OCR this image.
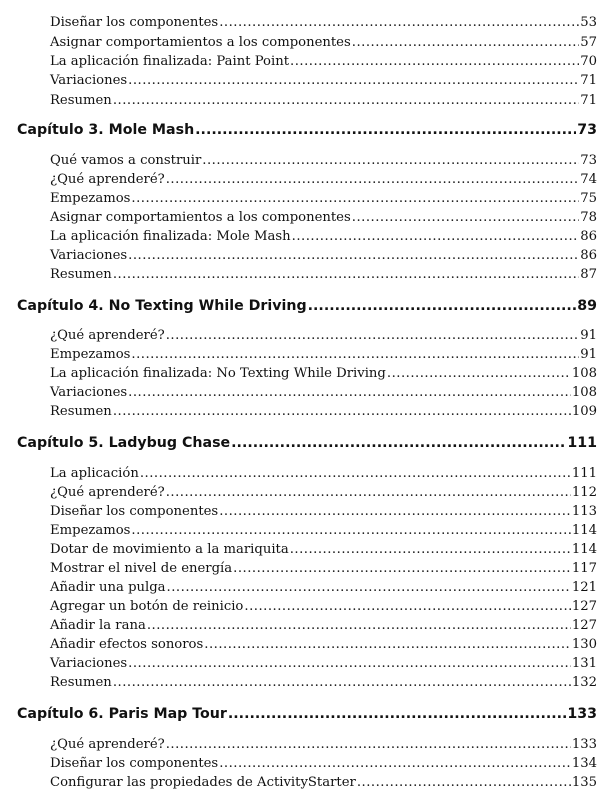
Diseñar los componentes .....	53
Asignar comportamientos a los componentes .....	57
La aplicación finalizada: Paint Point .....	70
Variaciones .....	71
Resumen .....	71
Capítulo 3. Mole Mash .....	73
Qué vamos a construir .....	73
¿Qué aprenderé? .....	74
Empezamos .....	75
Asignar comportamientos a los componentes .....	78
La aplicación finalizada: Mole Mash .....	86
Variaciones .....	86
Resumen .....	87
Capítulo 4. No Texting While Driving .....	89
¿Qué aprenderé? .....	91
Empezamos .....	91
La aplicación finalizada: No Texting While Driving .....	108
Variaciones .....	108
Resumen .....	109
Capítulo 5. Ladybug Chase .....	111
La aplicación .....	111
¿Qué aprenderé? .....	112
Diseñar los componentes .....	113
Empezamos .....	114
Dotar de movimiento a la mariquita .....	114
Mostrar el nivel de energía .....	117
Añadir una pulga .....	121
Agregar un botón de reinicio .....	127
Añadir la rana .....	127
Añadir efectos sonoros .....	130
Variaciones .....	131
Resumen .....	132
Capítulo 6. Paris Map Tour .....	133
¿Qué aprenderé? .....	133
Diseñar los componentes .....	134
Configurar las propiedades de ActivityStarter .....	135
